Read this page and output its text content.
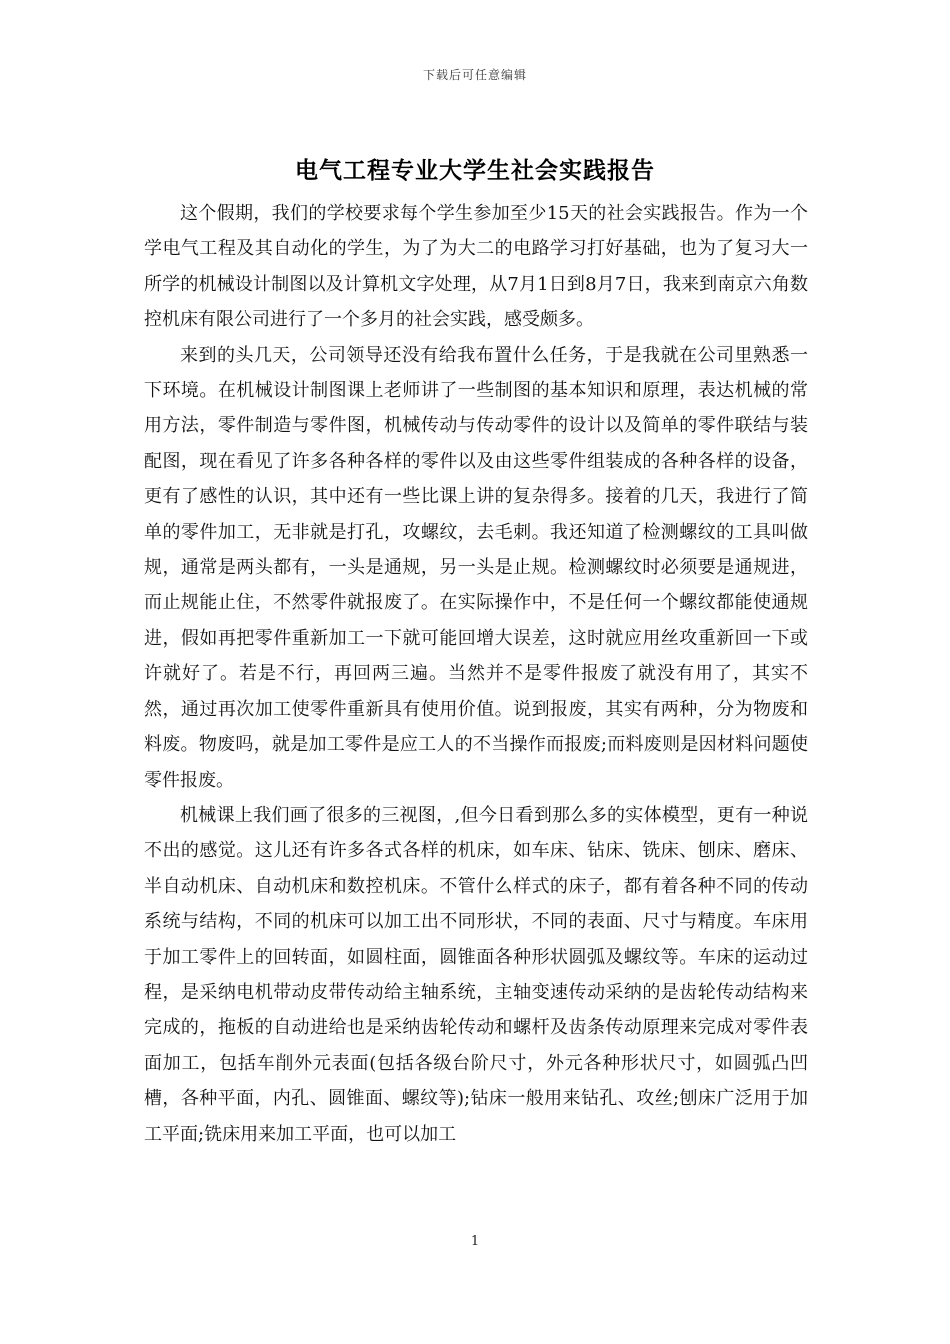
下载后可任意编辑
电气工程专业大学生社会实践报告

这个假期，我们的学校要求每个学生参加至少15天的社会实践报告。作为一个学电气工程及其自动化的学生，为了为大二的电路学习打好基础，也为了复习大一所学的机械设计制图以及计算机文字处理，从7月1日到8月7日，我来到南京六角数控机床有限公司进行了一个多月的社会实践，感受颇多。

来到的头几天，公司领导还没有给我布置什么任务，于是我就在公司里熟悉一下环境。在机械设计制图课上老师讲了一些制图的基本知识和原理，表达机械的常用方法，零件制造与零件图，机械传动与传动零件的设计以及简单的零件联结与装配图，现在看见了许多各种各样的零件以及由这些零件组装成的各种各样的设备，更有了感性的认识，其中还有一些比课上讲的复杂得多。接着的几天，我进行了简单的零件加工，无非就是打孔，攻螺纹，去毛刺。我还知道了检测螺纹的工具叫做规，通常是两头都有，一头是通规，另一头是止规。检测螺纹时必须要是通规进，而止规能止住，不然零件就报废了。在实际操作中，不是任何一个螺纹都能使通规进，假如再把零件重新加工一下就可能回增大误差，这时就应用丝攻重新回一下或许就好了。若是不行，再回两三遍。当然并不是零件报废了就没有用了，其实不然，通过再次加工使零件重新具有使用价值。说到报废，其实有两种，分为物废和料废。物废吗，就是加工零件是应工人的不当操作而报废;而料废则是因材料问题使零件报废。

机械课上我们画了很多的三视图，,但今日看到那么多的实体模型，更有一种说不出的感觉。这儿还有许多各式各样的机床，如车床、钻床、铣床、刨床、磨床、半自动机床、自动机床和数控机床。不管什么样式的床子，都有着各种不同的传动系统与结构，不同的机床可以加工出不同形状，不同的表面、尺寸与精度。车床用于加工零件上的回转面，如圆柱面，圆锥面各种形状圆弧及螺纹等。车床的运动过程，是采纳电机带动皮带传动给主轴系统，主轴变速传动采纳的是齿轮传动结构来完成的，拖板的自动进给也是采纳齿轮传动和螺杆及齿条传动原理来完成对零件表面加工，包括车削外元表面(包括各级台阶尺寸，外元各种形状尺寸，如圆弧凸凹槽，各种平面，内孔、圆锥面、螺纹等);钻床一般用来钻孔、攻丝;刨床广泛用于加工平面;铣床用来加工平面，也可以加工

1
